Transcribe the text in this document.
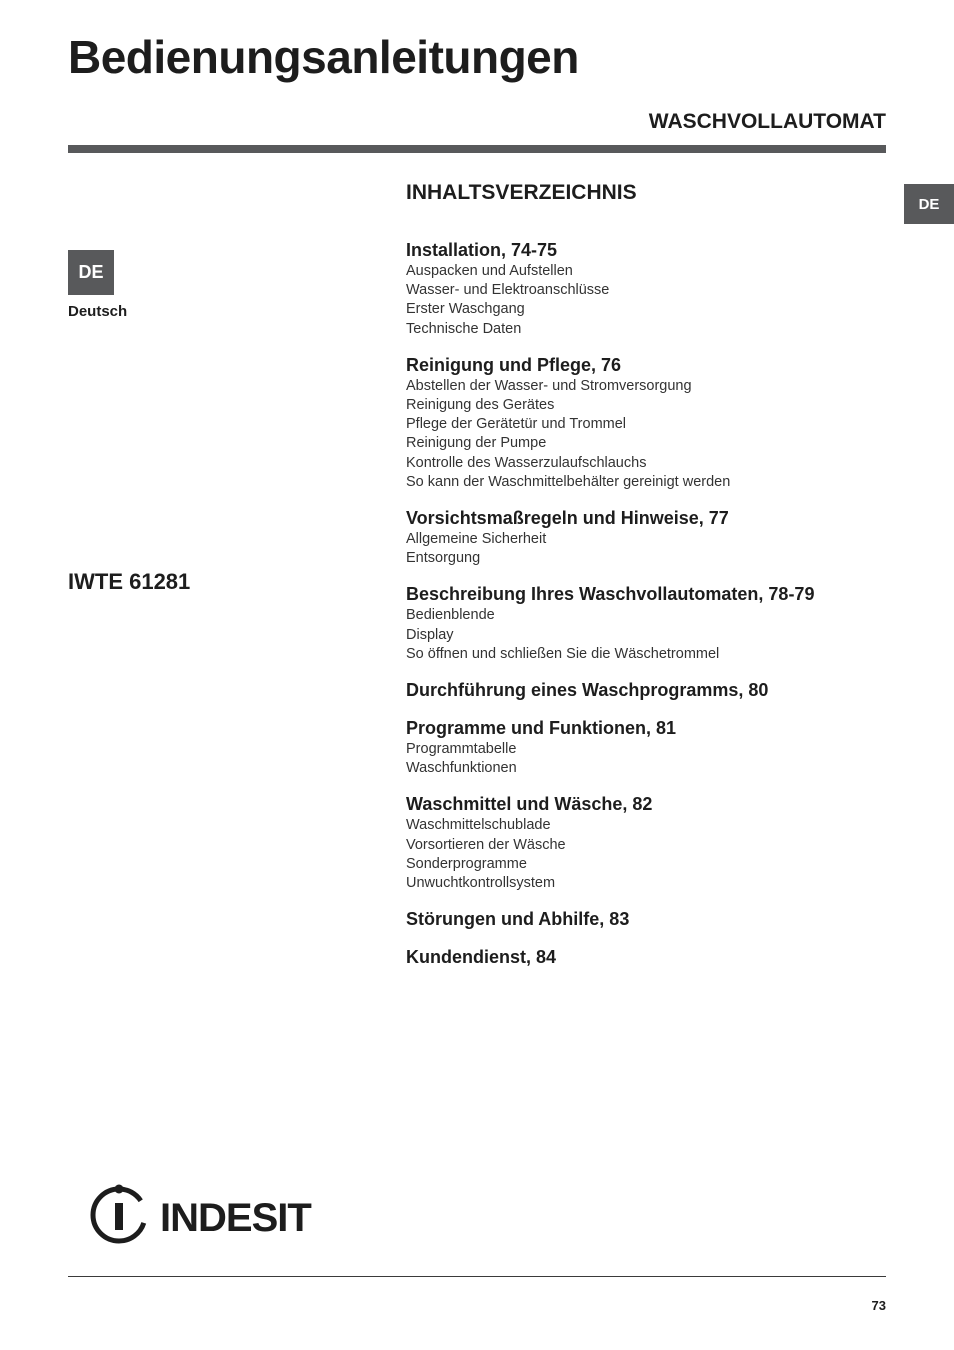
Bedienungsanleitungen
WASCHVOLLAUTOMAT
DE
DE
Deutsch
IWTE 61281
INHALTSVERZEICHNIS
Installation, 74-75
Auspacken und Aufstellen
Wasser- und Elektroanschlüsse
Erster Waschgang
Technische Daten
Reinigung und Pflege, 76
Abstellen der Wasser- und Stromversorgung
Reinigung des Gerätes
Pflege der Gerätetür und Trommel
Reinigung der Pumpe
Kontrolle des Wasserzulaufschlauchs
So kann der Waschmittelbehälter gereinigt werden
Vorsichtsmaßregeln und Hinweise, 77
Allgemeine Sicherheit
Entsorgung
Beschreibung Ihres Waschvollautomaten, 78-79
Bedienblende
Display
So öffnen und schließen Sie die Wäschetrommel
Durchführung eines Waschprogramms, 80
Programme und Funktionen, 81
Programmtabelle
Waschfunktionen
Waschmittel und Wäsche, 82
Waschmittelschublade
Vorsortieren der Wäsche
Sonderprogramme
Unwuchtkontrollsystem
Störungen und Abhilfe, 83
Kundendienst, 84
INDESIT
73
